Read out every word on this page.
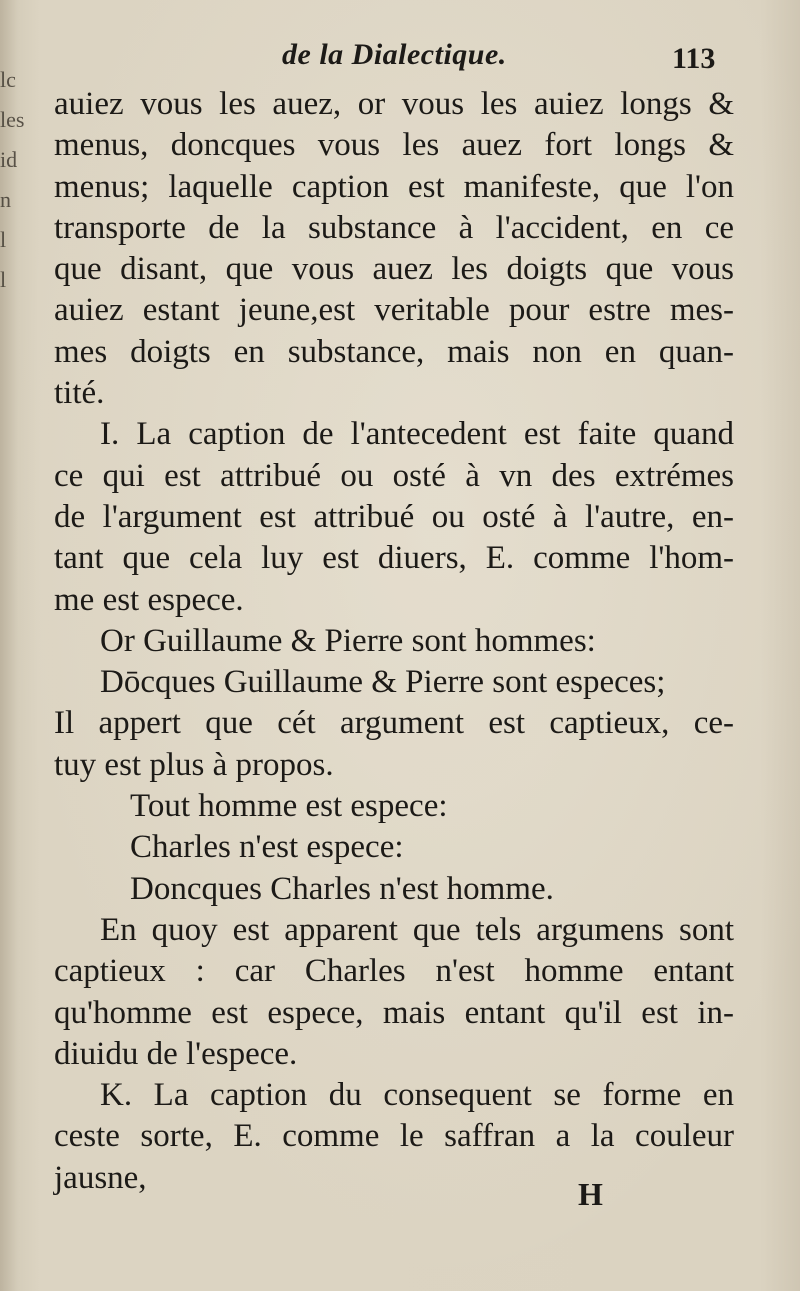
lc
les
id
n
l
l
de la Dialectique.	113
auiez vous les auez, or vous les auiez longs &
menus, doncques vous les auez fort longs &
menus; laquelle caption est manifeste, que l'on
transporte de la substance à l'accident, en ce
que disant, que vous auez les doigts que vous
auiez estant jeune,est veritable pour estre mes-
mes doigts en substance, mais non en quan-
tité.
I. La caption de l'antecedent est faite quand
ce qui est attribué ou osté à vn des extrémes
de l'argument est attribué ou osté à l'autre, en-
tant que cela luy est diuers, E. comme l'hom-
me est espece.
Or Guillaume & Pierre sont hommes:
Dōcques Guillaume & Pierre sont especes;
Il appert que cét argument est captieux, ce-
tuy est plus à propos.
Tout homme est espece:
Charles n'est espece:
Doncques Charles n'est homme.
En quoy est apparent que tels argumens sont
captieux : car Charles n'est homme entant
qu'homme est espece, mais entant qu'il est in-
diuidu de l'espece.
K. La caption du consequent se forme en
ceste sorte, E. comme le saffran a la couleur
jausne,	H
